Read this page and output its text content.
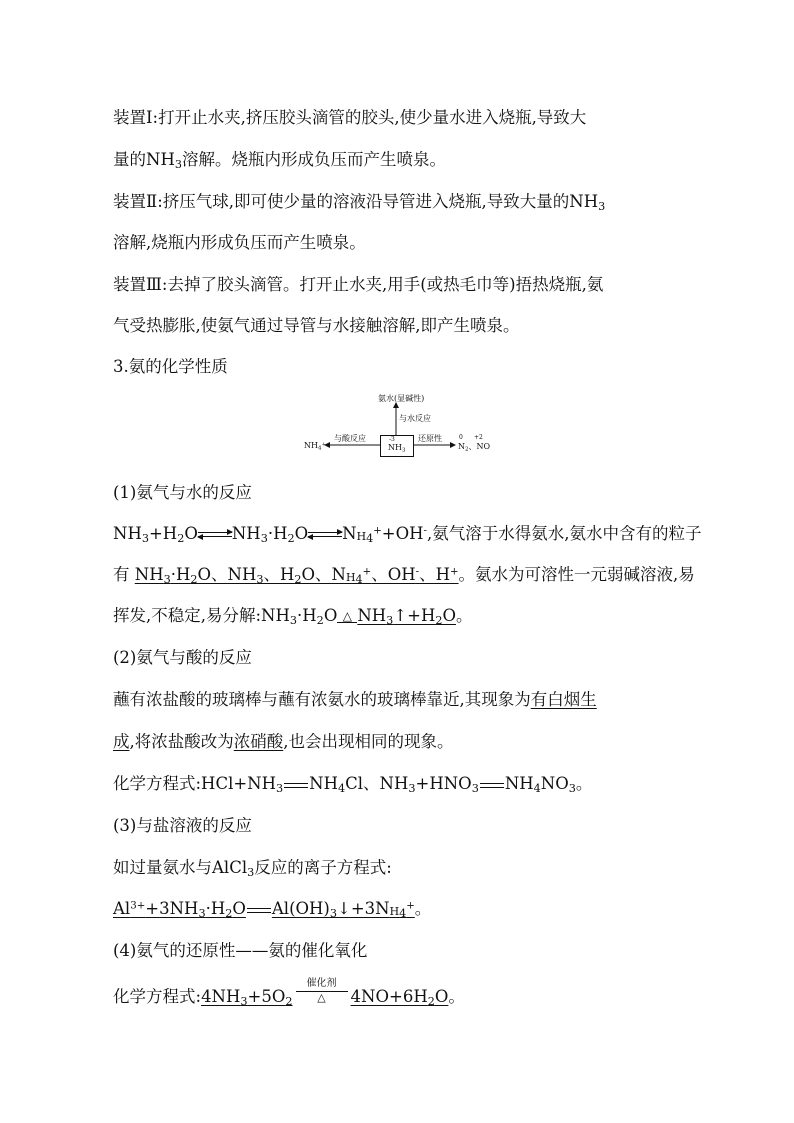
装置Ⅰ:打开止水夹,挤压胶头滴管的胶头,使少量水进入烧瓶,导致大
量的$NH_3$溶解。烧瓶内形成负压而产生喷泉。
装置Ⅱ:挤压气球,即可使少量的溶液沿导管进入烧瓶,导致大量的$NH_3$
溶解,烧瓶内形成负压而产生喷泉。
装置Ⅲ:去掉了胶头滴管。打开止水夹,用手(或热毛巾等)捂热烧瓶,氨
气受热膨胀,使氨气通过导管与水接触溶解,即产生喷泉。
3.氨的化学性质
氨水(显碱性)
与水反应
与酸反应
$NH_4^+$
-3
$NH_3$
还原性	0 +2
$N_2$、NO
(1)氨气与水的反应
$NH_3+H_2O\rightleftharpoons NH_3\cdot H_2O\rightleftharpoons NH_4^++OH^-$,氨气溶于水得氨水,氨水中含有的粒子
有 $NH_3\cdot H_2O$、$NH_3$、$H_2O$、$NH_4^+$、OH-、H+。氨水为可溶性一元弱碱溶液,易
挥发,不稳定,易分解$:NH_3\cdot H_2O$ △ $NH_3↑+H_2O$。
(2)氨气与酸的反应
蘸有浓盐酸的玻璃棒与蘸有浓氨水的玻璃棒靠近,其现象为有白烟生
成,将浓盐酸改为浓硝酸,也会出现相同的现象。
化学方程式$:HCl+NH_3$ $NH_4Cl$、$NH_3+HNO_3$ $NH_4NO_3$。
(3)与盐溶液的反应
如过量氨水与AlCl$_3$反应的离子方程式:
$Al^{3+}+3NH_3\cdot H_2O$ $Al(OH)_3↓+3NH_4^+$。
(4)氨气的还原性——氨的催化氧化
化学方程式$:4NH_3+5O_2$
催化剂
△	$4NO+6H_2O$。
